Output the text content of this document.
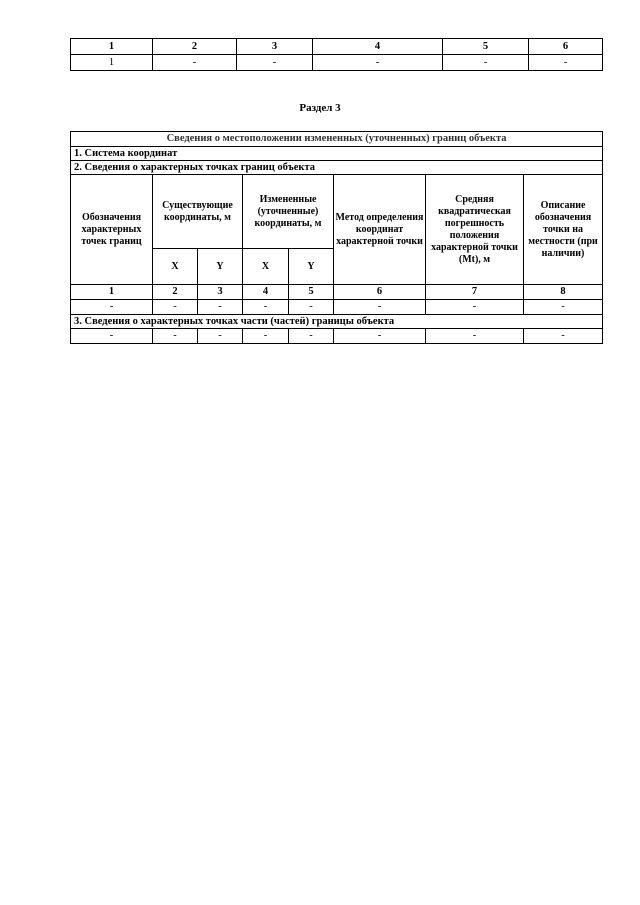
1	2	3	4	5	6
1	-	-	-	-	-
Раздел 3
Сведения о местоположении измененных (уточненных) границ объекта							
1. Система координат							
2. Сведения о характерных точках границ объекта							
Обозначения характерных точек границ	Существующие координаты, м		Измененные (уточненные) координаты, м		Метод определения координат характерной точки	Средняя квадратическая погрешность положения характерной точки (Mt), м	Описание обозначения точки на местности (при наличии)
	X	Y	X	Y			
1	2	3	4	5	6	7	8
-	-	-	-	-	-	-	-
3. Сведения о характерных точках части (частей) границы объекта							
-	-	-	-	-	-	-	-
